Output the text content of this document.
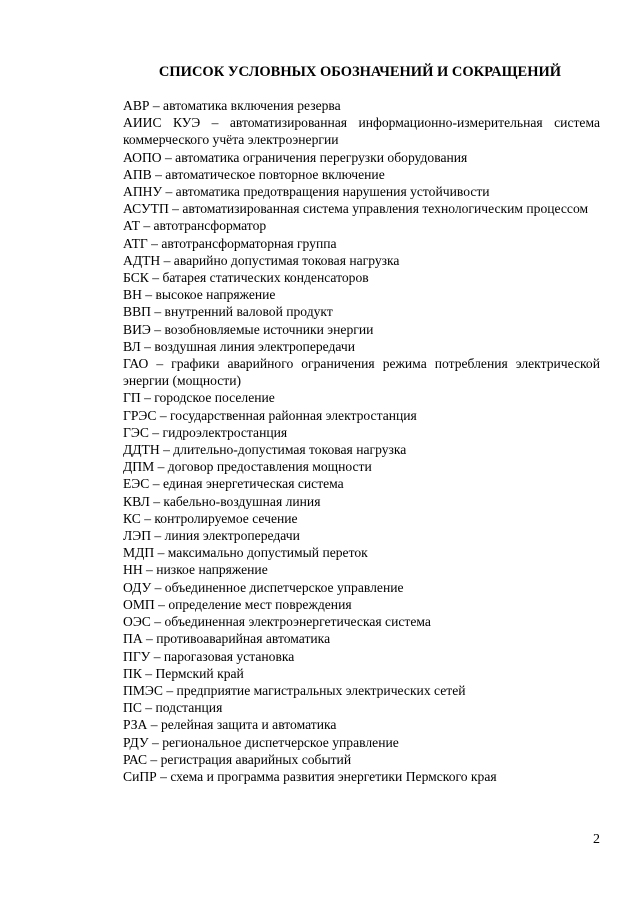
СПИСОК УСЛОВНЫХ ОБОЗНАЧЕНИЙ И СОКРАЩЕНИЙ

АВР – автоматика включения резерва

АИИС КУЭ – автоматизированная информационно-измерительная система коммерческого учёта электроэнергии

АОПО – автоматика ограничения перегрузки оборудования

АПВ – автоматическое повторное включение

АПНУ – автоматика предотвращения нарушения устойчивости

АСУТП – автоматизированная система управления технологическим процессом

АТ – автотрансформатор

АТГ – автотрансформаторная группа

АДТН – аварийно допустимая токовая нагрузка

БСК – батарея статических конденсаторов

ВН – высокое напряжение

ВВП – внутренний валовой продукт

ВИЭ – возобновляемые источники энергии

ВЛ – воздушная линия электропередачи

ГАО – графики аварийного ограничения режима потребления электрической энергии (мощности)

ГП – городское поселение

ГРЭС – государственная районная электростанция

ГЭС – гидроэлектростанция

ДДТН – длительно-допустимая токовая нагрузка

ДПМ – договор предоставления мощности

ЕЭС – единая энергетическая система

КВЛ – кабельно-воздушная линия

КС – контролируемое сечение

ЛЭП – линия электропередачи

МДП – максимально допустимый переток

НН – низкое напряжение

ОДУ – объединенное диспетчерское управление

ОМП – определение мест повреждения

ОЭС – объединенная электроэнергетическая система

ПА – противоаварийная автоматика

ПГУ – парогазовая установка

ПК – Пермский край

ПМЭС – предприятие магистральных электрических сетей

ПС – подстанция

РЗА – релейная защита и автоматика

РДУ – региональное диспетчерское управление

РАС – регистрация аварийных событий

СиПР – схема и программа развития энергетики Пермского края

2
